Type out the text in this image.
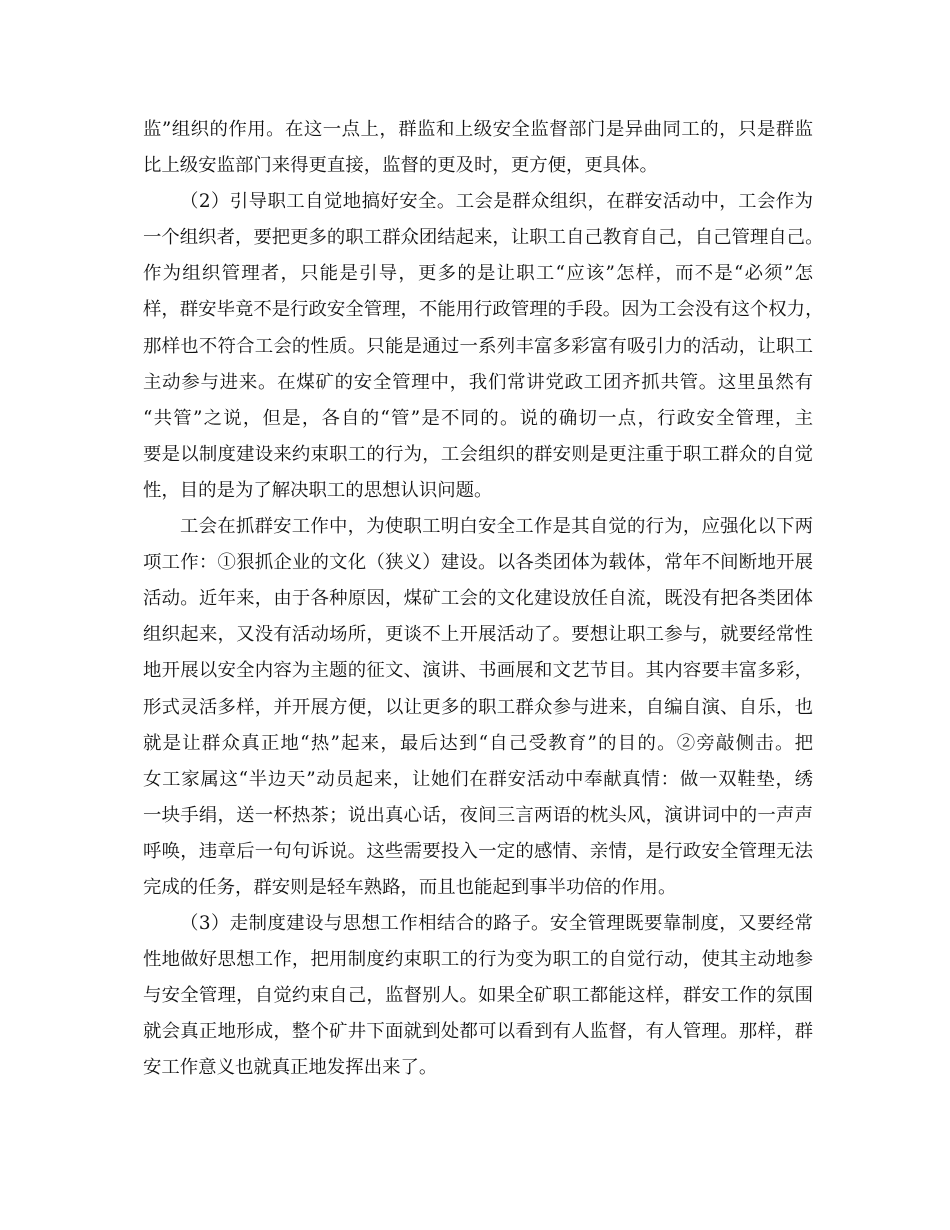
监”组织的作用。在这一点上，群监和上级安全监督部门是异曲同工的，只是群监
比上级安监部门来得更直接，监督的更及时，更方便，更具体。
（2）引导职工自觉地搞好安全。工会是群众组织，在群安活动中，工会作为
一个组织者，要把更多的职工群众团结起来，让职工自己教育自己，自己管理自己。
作为组织管理者，只能是引导，更多的是让职工“应该”怎样，而不是“必须”怎
样，群安毕竟不是行政安全管理，不能用行政管理的手段。因为工会没有这个权力，
那样也不符合工会的性质。只能是通过一系列丰富多彩富有吸引力的活动，让职工
主动参与进来。在煤矿的安全管理中，我们常讲党政工团齐抓共管。这里虽然有
“共管”之说，但是，各自的“管”是不同的。说的确切一点，行政安全管理，主
要是以制度建设来约束职工的行为，工会组织的群安则是更注重于职工群众的自觉
性，目的是为了解决职工的思想认识问题。
工会在抓群安工作中，为使职工明白安全工作是其自觉的行为，应强化以下两
项工作：①狠抓企业的文化（狭义）建设。以各类团体为载体，常年不间断地开展
活动。近年来，由于各种原因，煤矿工会的文化建设放任自流，既没有把各类团体
组织起来，又没有活动场所，更谈不上开展活动了。要想让职工参与，就要经常性
地开展以安全内容为主题的征文、演讲、书画展和文艺节目。其内容要丰富多彩，
形式灵活多样，并开展方便，以让更多的职工群众参与进来，自编自演、自乐，也
就是让群众真正地“热”起来，最后达到“自己受教育”的目的。②旁敲侧击。把
女工家属这“半边天”动员起来，让她们在群安活动中奉献真情：做一双鞋垫，绣
一块手绢，送一杯热茶；说出真心话，夜间三言两语的枕头风，演讲词中的一声声
呼唤，违章后一句句诉说。这些需要投入一定的感情、亲情，是行政安全管理无法
完成的任务，群安则是轻车熟路，而且也能起到事半功倍的作用。
（3）走制度建设与思想工作相结合的路子。安全管理既要靠制度，又要经常
性地做好思想工作，把用制度约束职工的行为变为职工的自觉行动，使其主动地参
与安全管理，自觉约束自己，监督别人。如果全矿职工都能这样，群安工作的氛围
就会真正地形成，整个矿井下面就到处都可以看到有人监督，有人管理。那样，群
安工作意义也就真正地发挥出来了。
